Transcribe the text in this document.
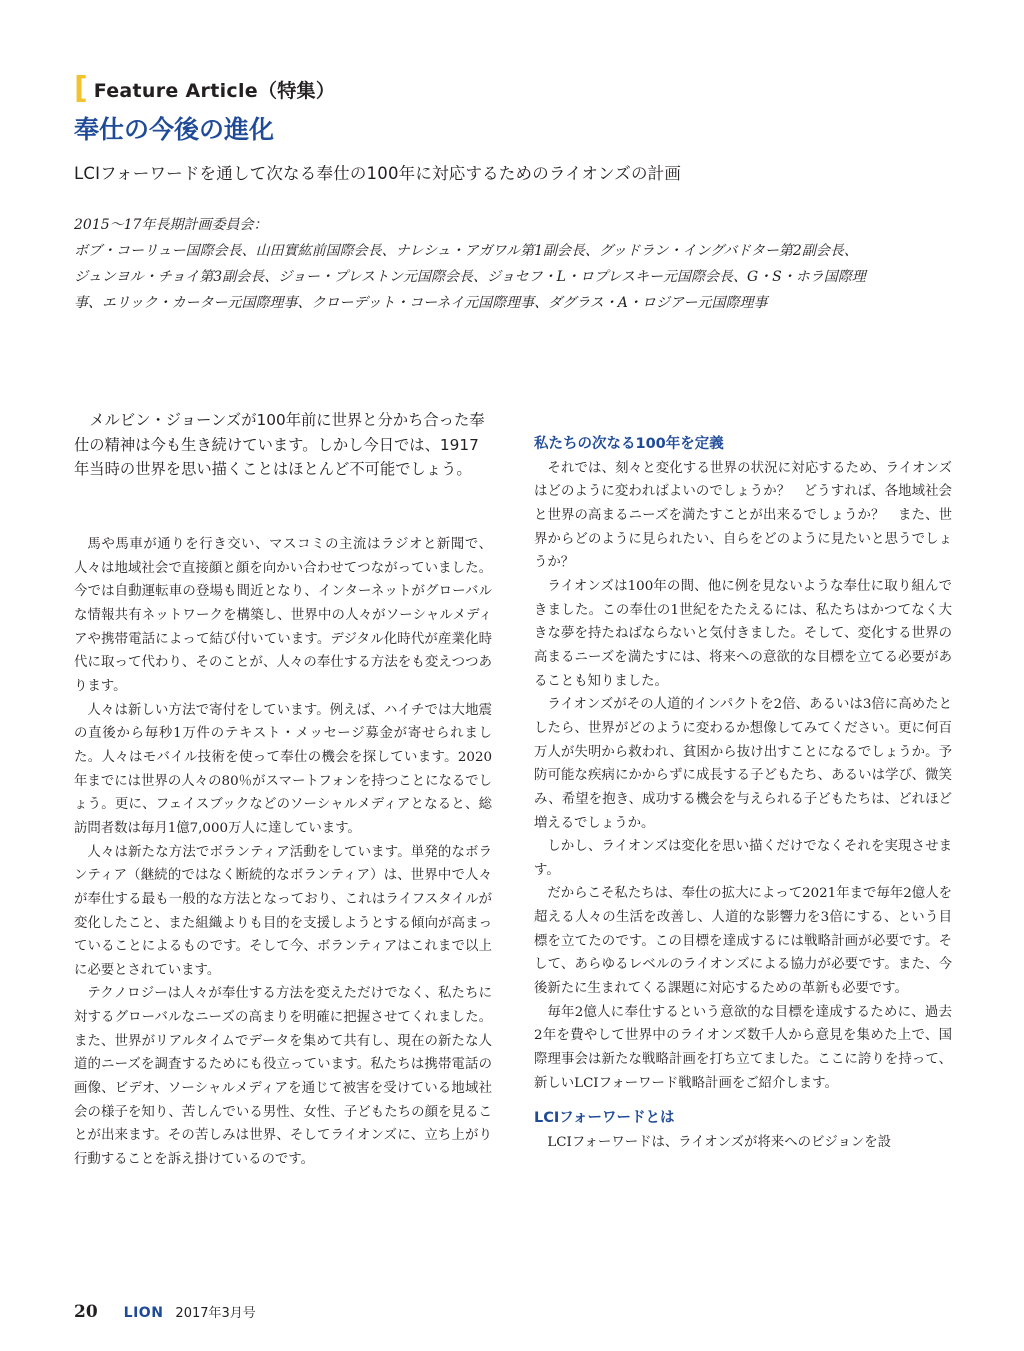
[ Feature Article（特集）
奉仕の今後の進化

LCIフォーワードを通して次なる奉仕の100年に対応するためのライオンズの計画

2015～17年長期計画委員会：

ボブ・コーリュー国際会長、山田實紘前国際会長、ナレシュ・アガワル第1副会長、グッドラン・イングバドター第2副会長、

ジュンヨル・チョイ第3副会長、ジョー・プレストン元国際会長、ジョセフ・L・ロプレスキー元国際会長、G・S・ホラ国際理

事、エリック・カーター元国際理事、クローデット・コーネイ元国際理事、ダグラス・A・ロジアー元国際理事

メルビン・ジョーンズが100年前に世界と分かち合った奉仕の精神は今も生き続けています。しかし今日では、1917年当時の世界を思い描くことはほとんど不可能でしょう。

馬や馬車が通りを行き交い、マスコミの主流はラジオと新聞で、人々は地域社会で直接顔と顔を向かい合わせてつながっていました。今では自動運転車の登場も間近となり、インターネットがグローバルな情報共有ネットワークを構築し、世界中の人々がソーシャルメディアや携帯電話によって結び付いています。デジタル化時代が産業化時代に取って代わり、そのことが、人々の奉仕する方法をも変えつつあります。

人々は新しい方法で寄付をしています。例えば、ハイチでは大地震の直後から毎秒1万件のテキスト・メッセージ募金が寄せられました。人々はモバイル技術を使って奉仕の機会を探しています。2020年までには世界の人々の80％がスマートフォンを持つことになるでしょう。更に、フェイスブックなどのソーシャルメディアとなると、総訪問者数は毎月1億7,000万人に達しています。

人々は新たな方法でボランティア活動をしています。単発的なボランティア（継続的ではなく断続的なボランティア）は、世界中で人々が奉仕する最も一般的な方法となっており、これはライフスタイルが変化したこと、また組織よりも目的を支援しようとする傾向が高まっていることによるものです。そして今、ボランティアはこれまで以上に必要とされています。

テクノロジーは人々が奉仕する方法を変えただけでなく、私たちに対するグローバルなニーズの高まりを明確に把握させてくれました。また、世界がリアルタイムでデータを集めて共有し、現在の新たな人道的ニーズを調査するためにも役立っています。私たちは携帯電話の画像、ビデオ、ソーシャルメディアを通じて被害を受けている地域社会の様子を知り、苦しんでいる男性、女性、子どもたちの顔を見ることが出来ます。その苦しみは世界、そしてライオンズに、立ち上がり行動することを訴え掛けているのです。

私たちの次なる100年を定義

それでは、刻々と変化する世界の状況に対応するため、ライオンズはどのように変わればよいのでしょうか？　どうすれば、各地域社会と世界の高まるニーズを満たすことが出来るでしょうか？　また、世界からどのように見られたい、自らをどのように見たいと思うでしょうか？

ライオンズは100年の間、他に例を見ないような奉仕に取り組んできました。この奉仕の1世紀をたたえるには、私たちはかつてなく大きな夢を持たねばならないと気付きました。そして、変化する世界の高まるニーズを満たすには、将来への意欲的な目標を立てる必要があることも知りました。

ライオンズがその人道的インパクトを2倍、あるいは3倍に高めたとしたら、世界がどのように変わるか想像してみてください。更に何百万人が失明から救われ、貧困から抜け出すことになるでしょうか。予防可能な疾病にかからずに成長する子どもたち、あるいは学び、微笑み、希望を抱き、成功する機会を与えられる子どもたちは、どれほど増えるでしょうか。

しかし、ライオンズは変化を思い描くだけでなくそれを実現させます。

だからこそ私たちは、奉仕の拡大によって2021年まで毎年2億人を超える人々の生活を改善し、人道的な影響力を3倍にする、という目標を立てたのです。この目標を達成するには戦略計画が必要です。そして、あらゆるレベルのライオンズによる協力が必要です。また、今後新たに生まれてくる課題に対応するための革新も必要です。

毎年2億人に奉仕するという意欲的な目標を達成するために、過去2年を費やして世界中のライオンズ数千人から意見を集めた上で、国際理事会は新たな戦略計画を打ち立てました。ここに誇りを持って、新しいLCIフォーワード戦略計画をご紹介します。

LCIフォーワードとは

LCIフォーワードは、ライオンズが将来へのビジョンを設

20 LION 2017年3月号
